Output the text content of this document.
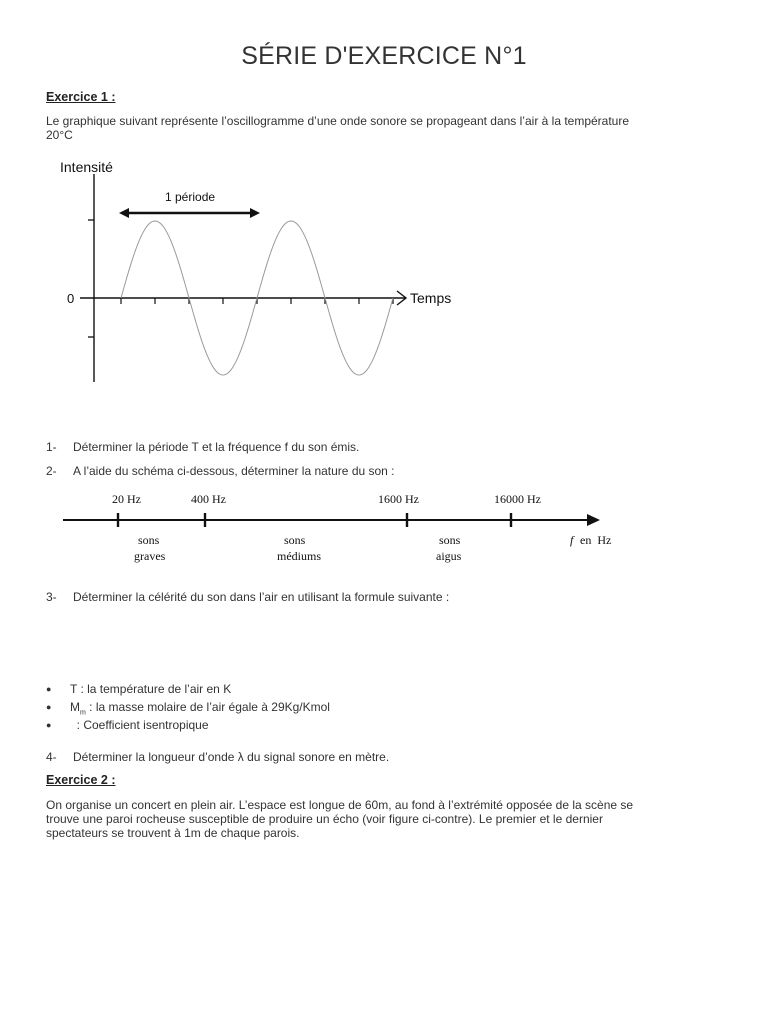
SÉRIE D'EXERCICE N°1
Exercice 1 :
Le graphique suivant représente l’oscillogramme d’une onde sonore se propageant dans l’air à la température
20°C
Intensité
Temps
0
1 période
1- Déterminer la période T et la fréquence f du son émis.
2- A l’aide du schéma ci-dessous, déterminer la nature du son :
20 Hz	400 Hz	1600 Hz	16000 Hz
sons
graves
sons
médiums
sons
aigus
f en  Hz
3- Déterminer la célérité du son dans l’air en utilisant la formule suivante :
● T : la température de l’air en K
● $M_m$ : la masse molaire de l’air égale à 29Kg/Kmol
●  : Coefficient isentropique
4- Déterminer la longueur d’onde λ du signal sonore en mètre.
Exercice 2 :
On organise un concert en plein air. L’espace est longue de 60m, au fond à l’extrémité opposée de la scène se
trouve une paroi rocheuse susceptible de produire un écho (voir figure ci-contre). Le premier et le dernier
spectateurs se trouvent à 1m de chaque parois.
